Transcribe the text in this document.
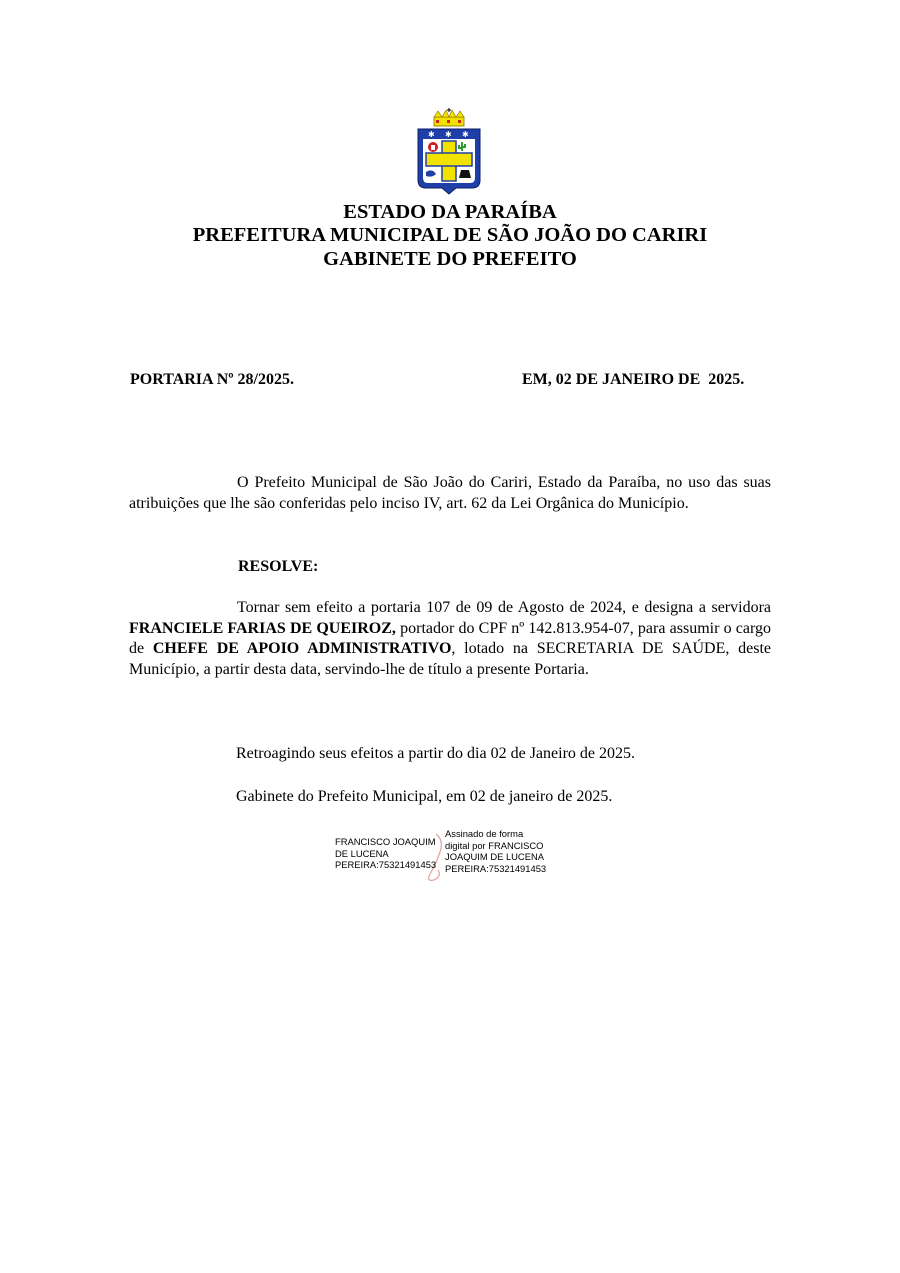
✱ ✱ ✱
ESTADO DA PARAÍBA
PREFEITURA MUNICIPAL DE SÃO JOÃO DO CARIRI
GABINETE DO PREFEITO
PORTARIA Nº 28/2025.	EM, 02 DE JANEIRO DE  2025.
O Prefeito Municipal de São João do Cariri, Estado da Paraíba, no uso das suas atribuições que lhe são conferidas pelo inciso IV, art. 62 da Lei Orgânica do Município.
RESOLVE:
Tornar sem efeito a portaria 107 de 09 de Agosto de 2024, e designa a servidora FRANCIELE FARIAS DE QUEIROZ, portador do CPF nº 142.813.954-07, para assumir o cargo de CHEFE DE APOIO ADMINISTRATIVO, lotado na SECRETARIA DE SAÚDE, deste Município, a partir desta data, servindo-lhe de título a presente Portaria.
Retroagindo seus efeitos a partir do dia 02 de Janeiro de 2025.
Gabinete do Prefeito Municipal, em 02 de janeiro de 2025.
FRANCISCO JOAQUIM
DE LUCENA
PEREIRA:75321491453
Assinado de forma
digital por FRANCISCO
JOAQUIM DE LUCENA
PEREIRA:75321491453
